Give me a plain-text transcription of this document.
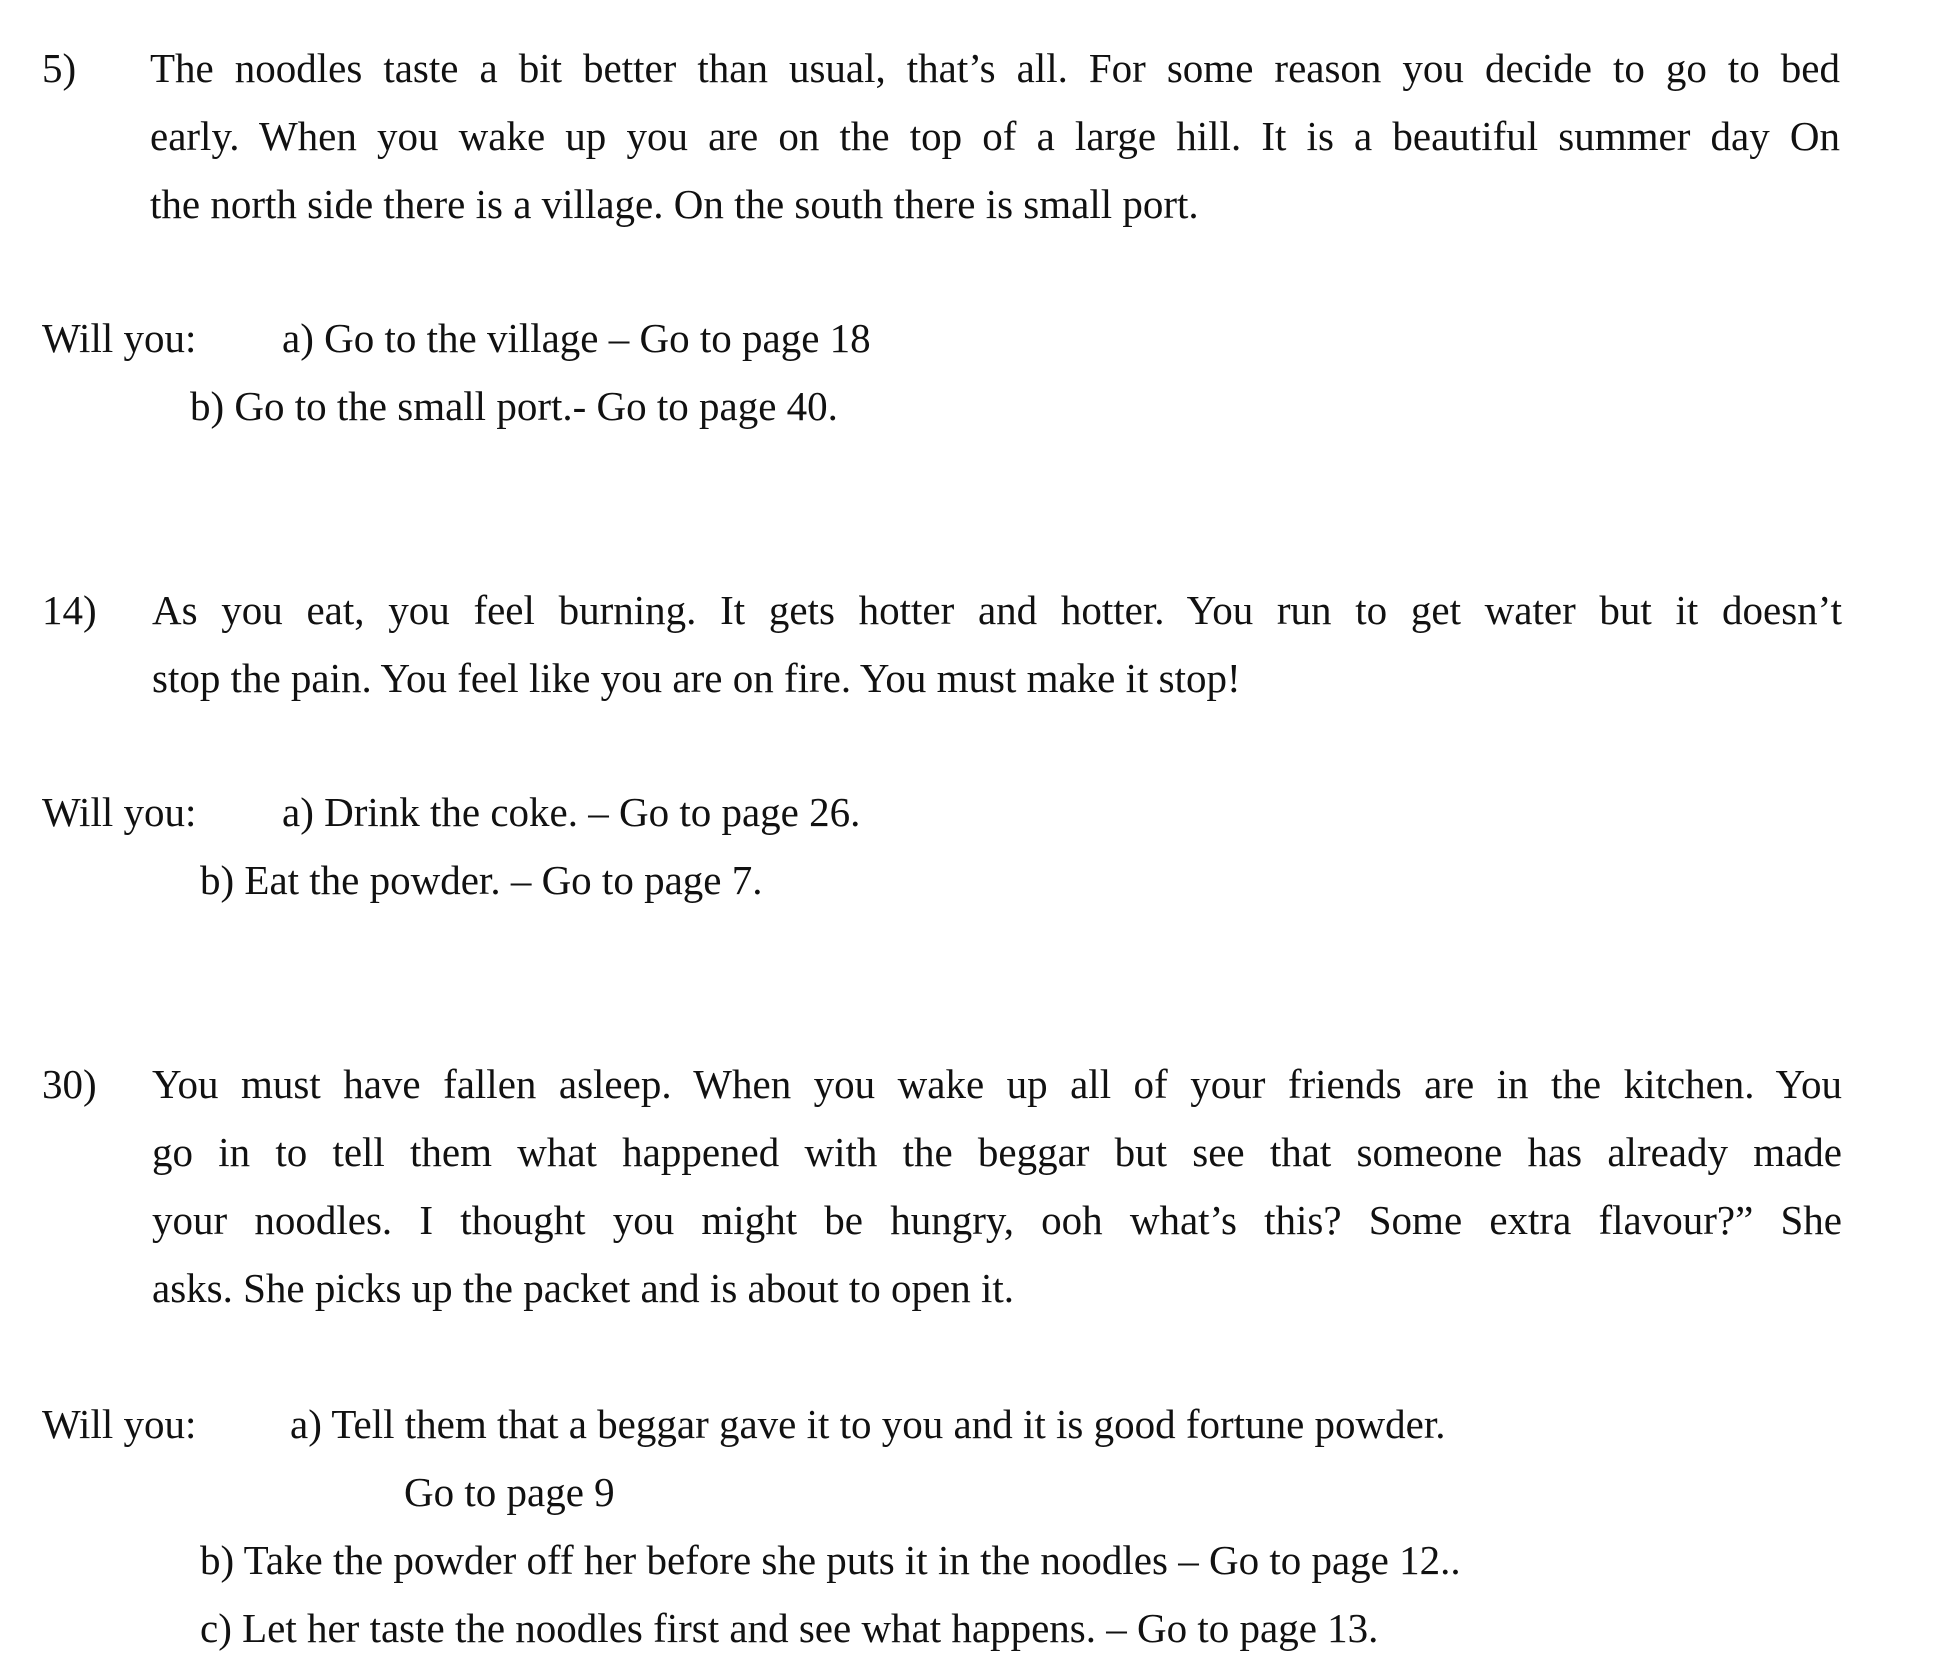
5) The noodles taste a bit better than usual, that’s all. For some reason you decide to go to bed
early. When you wake up you are on the top of a large hill. It is a beautiful summer day On
the north side there is a village. On the south there is small port.
Will you: a) Go to the village – Go to page 18
b) Go to the small port.- Go to page 40.
14) As you eat, you feel burning. It gets hotter and hotter. You run to get water but it doesn’t
stop the pain. You feel like you are on fire. You must make it stop!
Will you: a) Drink the coke. – Go to page 26.
b) Eat the powder. – Go to page 7.
30) You must have fallen asleep. When you wake up all of your friends are in the kitchen. You
go in to tell them what happened with the beggar but see that someone has already made
your noodles. I thought you might be hungry, ooh what’s this? Some extra flavour?” She
asks. She picks up the packet and is about to open it.
Will you: a) Tell them that a beggar gave it to you and it is good fortune powder.
Go to page 9
b) Take the powder off her before she puts it in the noodles – Go to page 12..
c) Let her taste the noodles first and see what happens. – Go to page 13.
